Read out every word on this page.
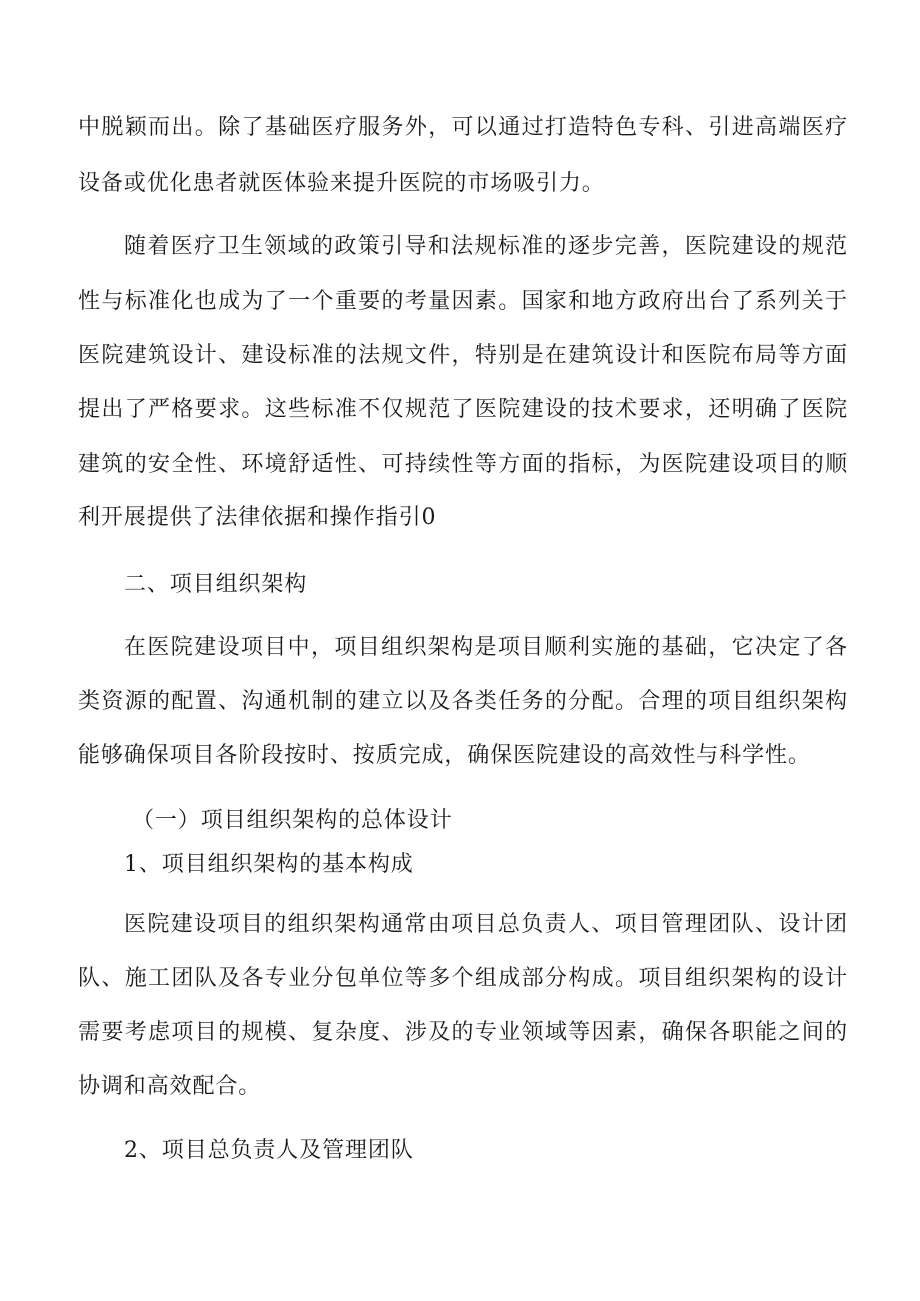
中脱颖而出。除了基础医疗服务外，可以通过打造特色专科、引进高端医疗
设备或优化患者就医体验来提升医院的市场吸引力。
随着医疗卫生领域的政策引导和法规标准的逐步完善，医院建设的规范
性与标准化也成为了一个重要的考量因素。国家和地方政府出台了系列关于
医院建筑设计、建设标准的法规文件，特别是在建筑设计和医院布局等方面
提出了严格要求。这些标准不仅规范了医院建设的技术要求，还明确了医院
建筑的安全性、环境舒适性、可持续性等方面的指标，为医院建设项目的顺
利开展提供了法律依据和操作指引0
二、项目组织架构
在医院建设项目中，项目组织架构是项目顺利实施的基础，它决定了各
类资源的配置、沟通机制的建立以及各类任务的分配。合理的项目组织架构
能够确保项目各阶段按时、按质完成，确保医院建设的高效性与科学性。
（一）项目组织架构的总体设计
1、项目组织架构的基本构成
医院建设项目的组织架构通常由项目总负责人、项目管理团队、设计团
队、施工团队及各专业分包单位等多个组成部分构成。项目组织架构的设计
需要考虑项目的规模、复杂度、涉及的专业领域等因素，确保各职能之间的
协调和高效配合。
2、项目总负责人及管理团队
